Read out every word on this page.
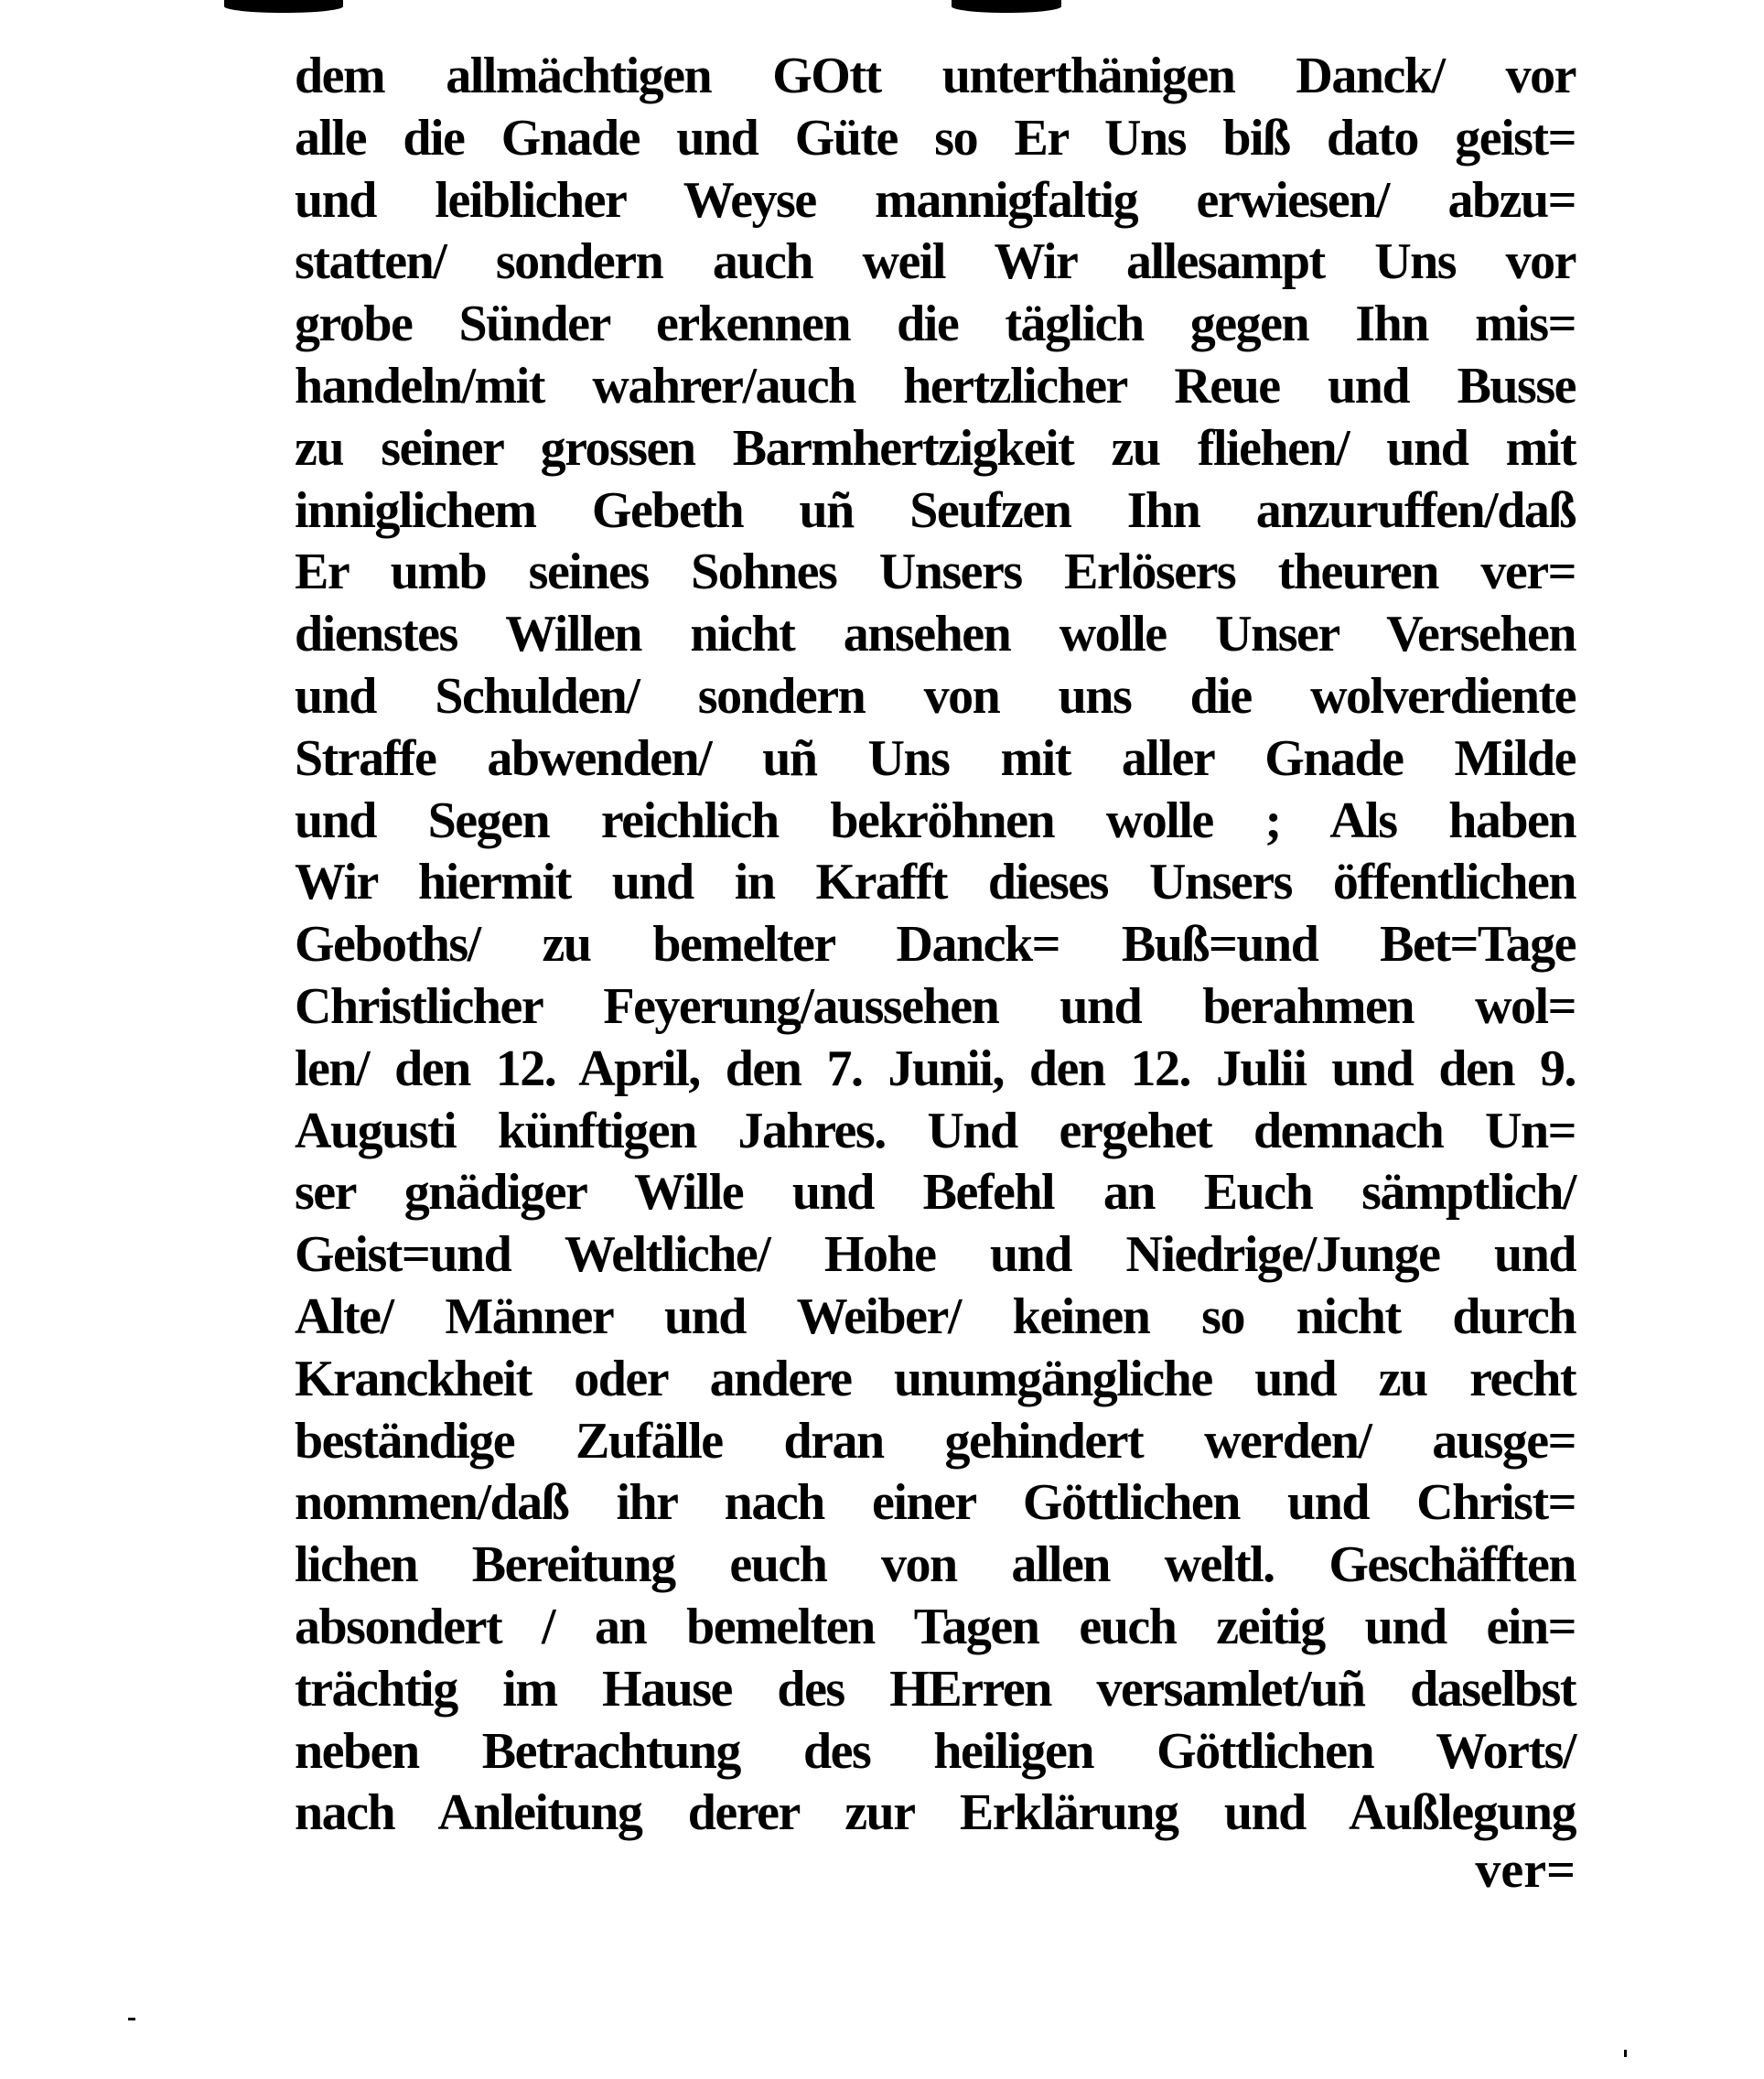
dem allmächtigen GOtt unterthänigen Danck/ vor
alle die Gnade und Güte so Er Uns biß dato geist=
und leiblicher Weyse mannigfaltig erwiesen/ abzu=
statten/ sondern auch weil Wir allesampt Uns vor
grobe Sünder erkennen die täglich gegen Ihn mis=
handeln/mit wahrer/auch hertzlicher Reue und Busse
zu seiner grossen Barmhertzigkeit zu fliehen/ und mit
inniglichem Gebeth uñ Seufzen Ihn anzuruffen/daß
Er umb seines Sohnes Unsers Erlösers theuren ver=
dienstes Willen nicht ansehen wolle Unser Versehen
und Schulden/ sondern von uns die wolverdiente
Straffe abwenden/ uñ Uns mit aller Gnade Milde
und Segen reichlich bekröhnen wolle ; Als haben
Wir hiermit und in Krafft dieses Unsers öffentlichen
Geboths/ zu bemelter Danck= Buß=und Bet=Tage
Christlicher Feyerung/aussehen und berahmen wol=
len/ den 12. April, den 7. Junii, den 12. Julii und den 9.
Augusti künftigen Jahres. Und ergehet demnach Un=
ser gnädiger Wille und Befehl an Euch sämptlich/
Geist=und Weltliche/ Hohe und Niedrige/Junge und
Alte/ Männer und Weiber/ keinen so nicht durch
Kranckheit oder andere unumgängliche und zu recht
beständige Zufälle dran gehindert werden/ ausge=
nommen/daß ihr nach einer Göttlichen und Christ=
lichen Bereitung euch von allen weltl. Geschäfften
absondert / an bemelten Tagen euch zeitig und ein=
trächtig im Hause des HErren versamlet/uñ daselbst
neben Betrachtung des heiligen Göttlichen Worts/
nach Anleitung derer zur Erklärung und Außlegung
ver=
